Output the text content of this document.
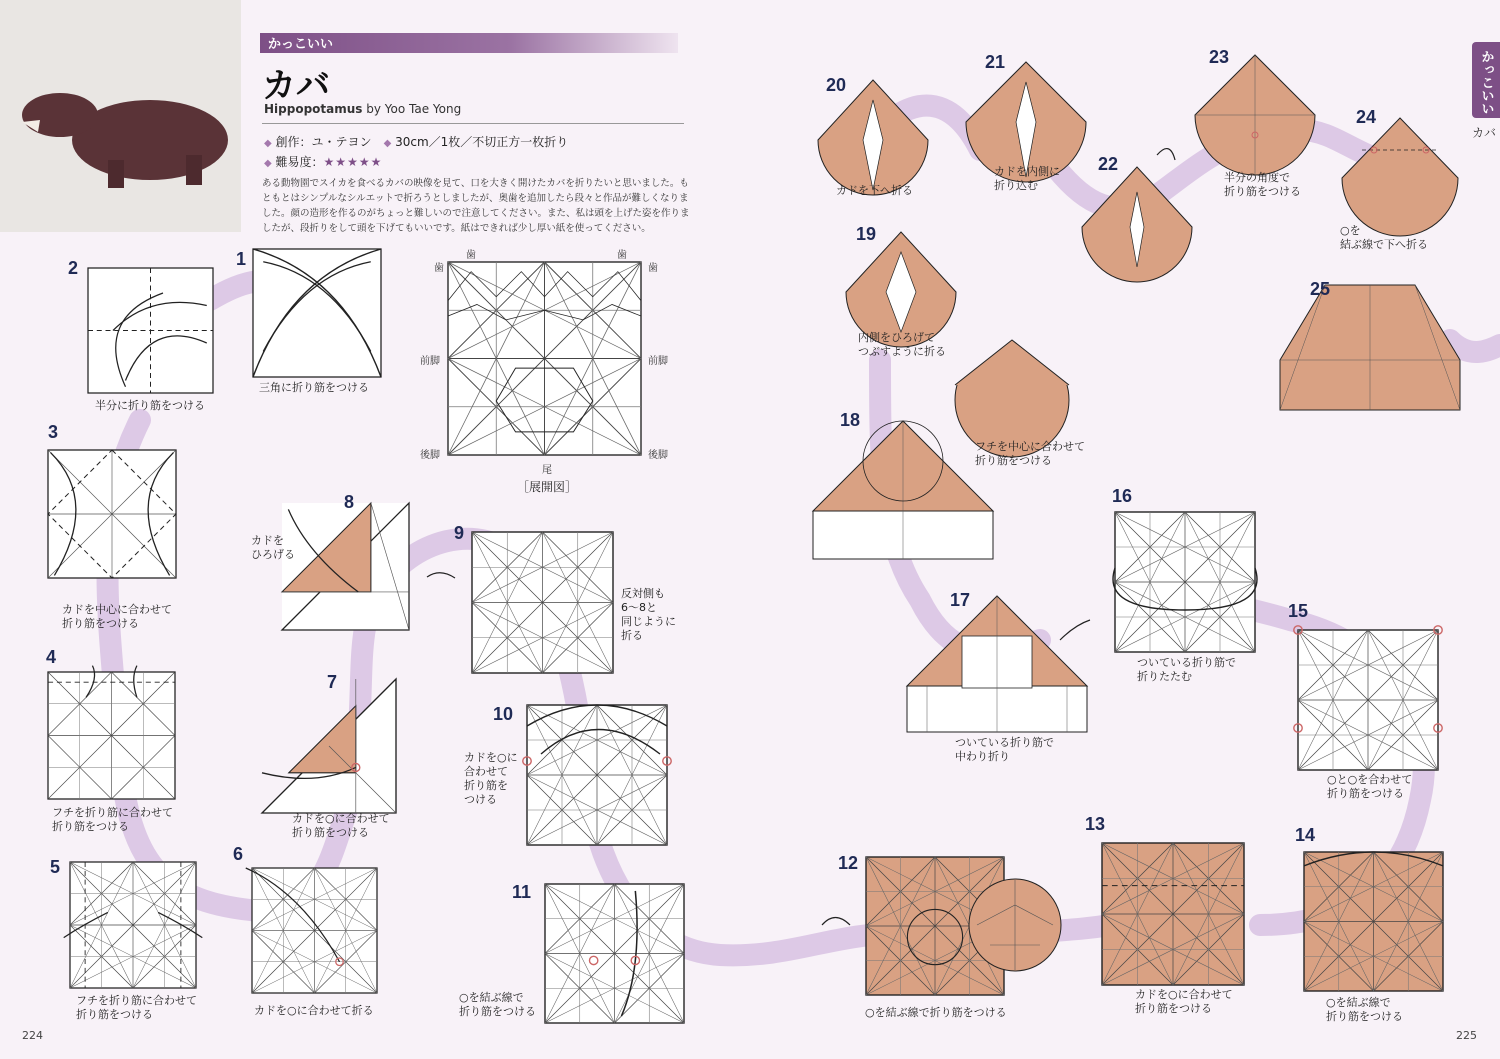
かっこいい
カバ
Hippopotamus by Yoo Tae Yong
◆ 創作：ユ・テヨン　 ◆ 30cm／1枚／不切正方一枚折り
◆ 難易度：★★★★★
ある動物園でスイカを食べるカバの映像を見て、口を大きく開けたカバを折りたいと思いました。もともとはシンプルなシルエットで折ろうとしましたが、奥歯を追加したら段々と作品が難しくなりました。顔の造形を作るのがちょっと難しいので注意してください。また、私は頭を上げた姿を作りましたが、段折りをして頭を下げてもいいです。紙はできれば少し厚い紙を使ってください。
歯	歯
歯	歯
前脚	前脚
後脚	後脚
尾
［展開図］
1
三角に折り筋をつける
2
半分に折り筋をつける
3
カドを中心に合わせて
折り筋をつける
4
フチを折り筋に合わせて
折り筋をつける
5
フチを折り筋に合わせて
折り筋をつける
6
カドを○に合わせて折る
7
カドを○に合わせて
折り筋をつける
8
カドを
ひろげる
9
反対側も
6〜8と
同じように
折る
10
カドを○に
合わせて
折り筋を
つける
11
○を結ぶ線で
折り筋をつける
224
かっこいい
カバ
12
○を結ぶ線で折り筋をつける
13
カドを○に合わせて
折り筋をつける
14
○を結ぶ線で
折り筋をつける
15
○と○を合わせて
折り筋をつける
16
ついている折り筋で
折りたたむ
17
ついている折り筋で
中わり折り
18
フチを中心に合わせて
折り筋をつける
19
内側をひろげて
つぶすように折る
20
カドを下へ折る
21
カドを内側に
折り込む
22
23
半分の角度で
折り筋をつける
24
○を
結ぶ線で下へ折る
25
225
